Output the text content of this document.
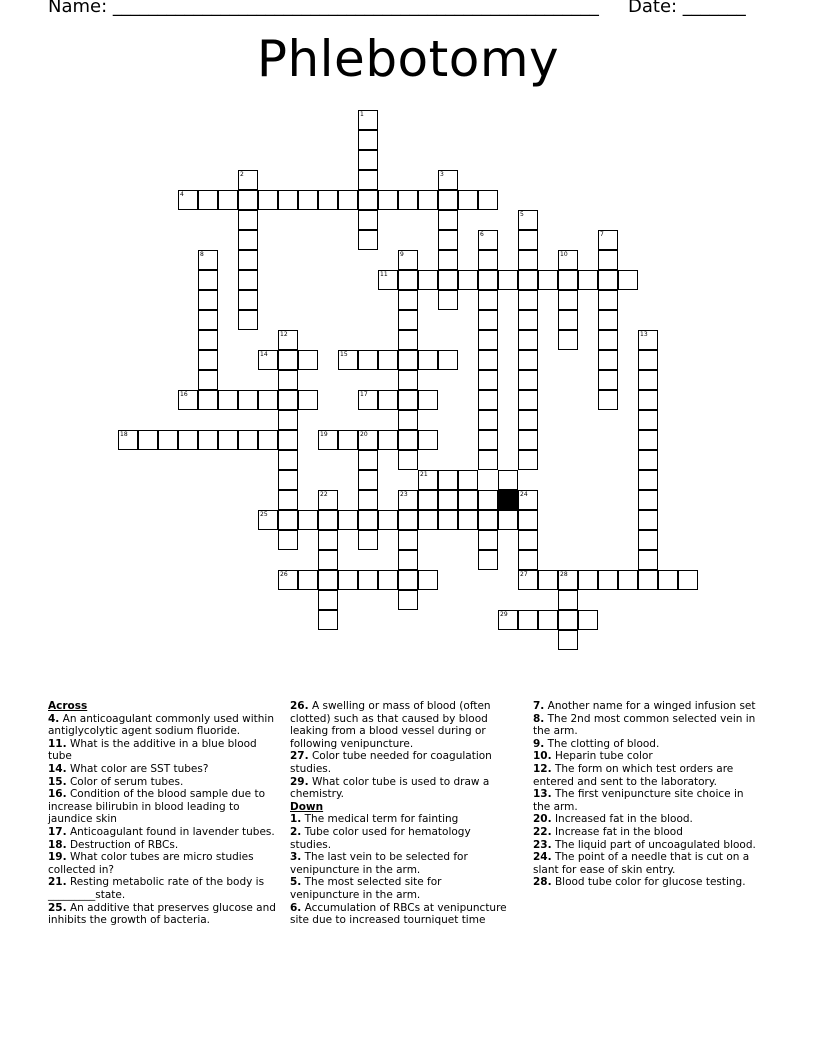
Name: ______________________________________________________ Date: _______
Phlebotomy
1
2	3
4
5
6	7
8	9	10
11
12	13
14	15
16	17
18	19	20
21
22	23	24
25
26	27	28
29
Across
4. An anticoagulant commonly used within antiglycolytic agent sodium fluoride.
11. What is the additive in a blue blood tube
14. What color are SST tubes?
15. Color of serum tubes.
16. Condition of the blood sample due to increase bilirubin in blood leading to jaundice skin
17. Anticoagulant found in lavender tubes.
18. Destruction of RBCs.
19. What color tubes are micro studies collected in?
21. Resting metabolic rate of the body is _________state.
25. An additive that preserves glucose and inhibits the growth of bacteria.
26. A swelling or mass of blood (often clotted) such as that caused by blood leaking from a blood vessel during or following venipuncture.
27. Color tube needed for coagulation studies.
29. What color tube is used to draw a chemistry.
Down
1. The medical term for fainting
2. Tube color used for hematology studies.
3. The last vein to be selected for venipuncture in the arm.
5. The most selected site for venipuncture in the arm.
6. Accumulation of RBCs at venipuncture site due to increased tourniquet time
7. Another name for a winged infusion set
8. The 2nd most common selected vein in the arm.
9. The clotting of blood.
10. Heparin tube color
12. The form on which test orders are entered and sent to the laboratory.
13. The first venipuncture site choice in the arm.
20. Increased fat in the blood.
22. Increase fat in the blood
23. The liquid part of uncoagulated blood.
24. The point of a needle that is cut on a slant for ease of skin entry.
28. Blood tube color for glucose testing.
